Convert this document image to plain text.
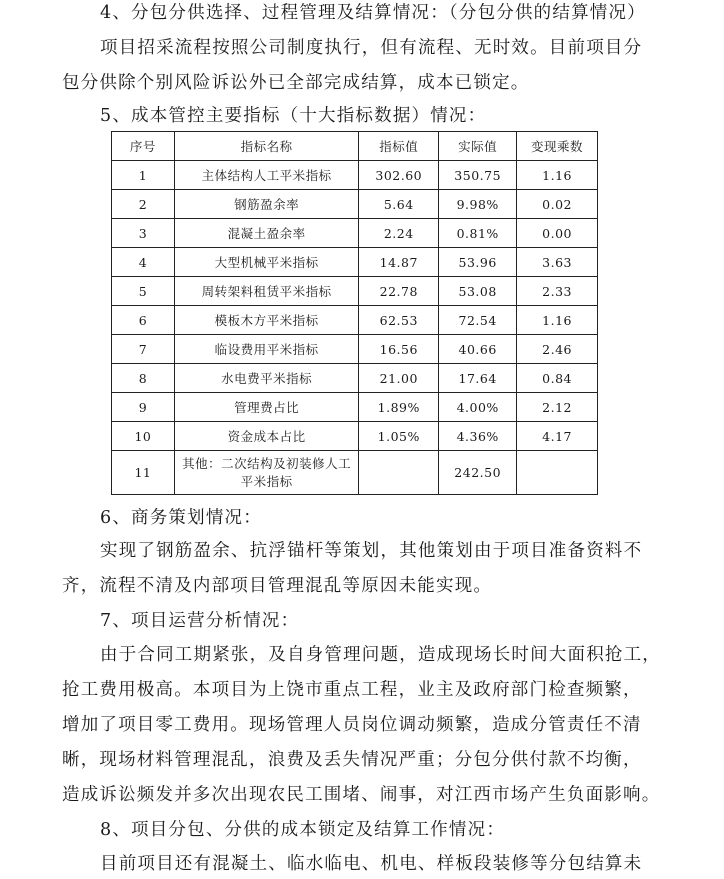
4、分包分供选择、过程管理及结算情况：（分包分供的结算情况）
项目招采流程按照公司制度执行，但有流程、无时效。目前项目分
包分供除个别风险诉讼外已全部完成结算，成本已锁定。
5、成本管控主要指标（十大指标数据）情况：
序号	指标名称	指标值	实际值	变现乘数
1	主体结构人工平米指标	302.60	350.75	1.16
2	钢筋盈余率	5.64	9.98%	0.02
3	混凝土盈余率	2.24	0.81%	0.00
4	大型机械平米指标	14.87	53.96	3.63
5	周转架料租赁平米指标	22.78	53.08	2.33
6	模板木方平米指标	62.53	72.54	1.16
7	临设费用平米指标	16.56	40.66	2.46
8	水电费平米指标	21.00	17.64	0.84
9	管理费占比	1.89%	4.00%	2.12
10	资金成本占比	1.05%	4.36%	4.17
11	其他：二次结构及初装修人工
平米指标		242.50	
6、商务策划情况：
实现了钢筋盈余、抗浮锚杆等策划，其他策划由于项目准备资料不
齐，流程不清及内部项目管理混乱等原因未能实现。
7、项目运营分析情况：
由于合同工期紧张，及自身管理问题，造成现场长时间大面积抢工，
抢工费用极高。本项目为上饶市重点工程，业主及政府部门检查频繁，
增加了项目零工费用。现场管理人员岗位调动频繁，造成分管责任不清
晰，现场材料管理混乱，浪费及丢失情况严重；分包分供付款不均衡，
造成诉讼频发并多次出现农民工围堵、闹事，对江西市场产生负面影响。
8、项目分包、分供的成本锁定及结算工作情况：
目前项目还有混凝土、临水临电、机电、样板段装修等分包结算未
